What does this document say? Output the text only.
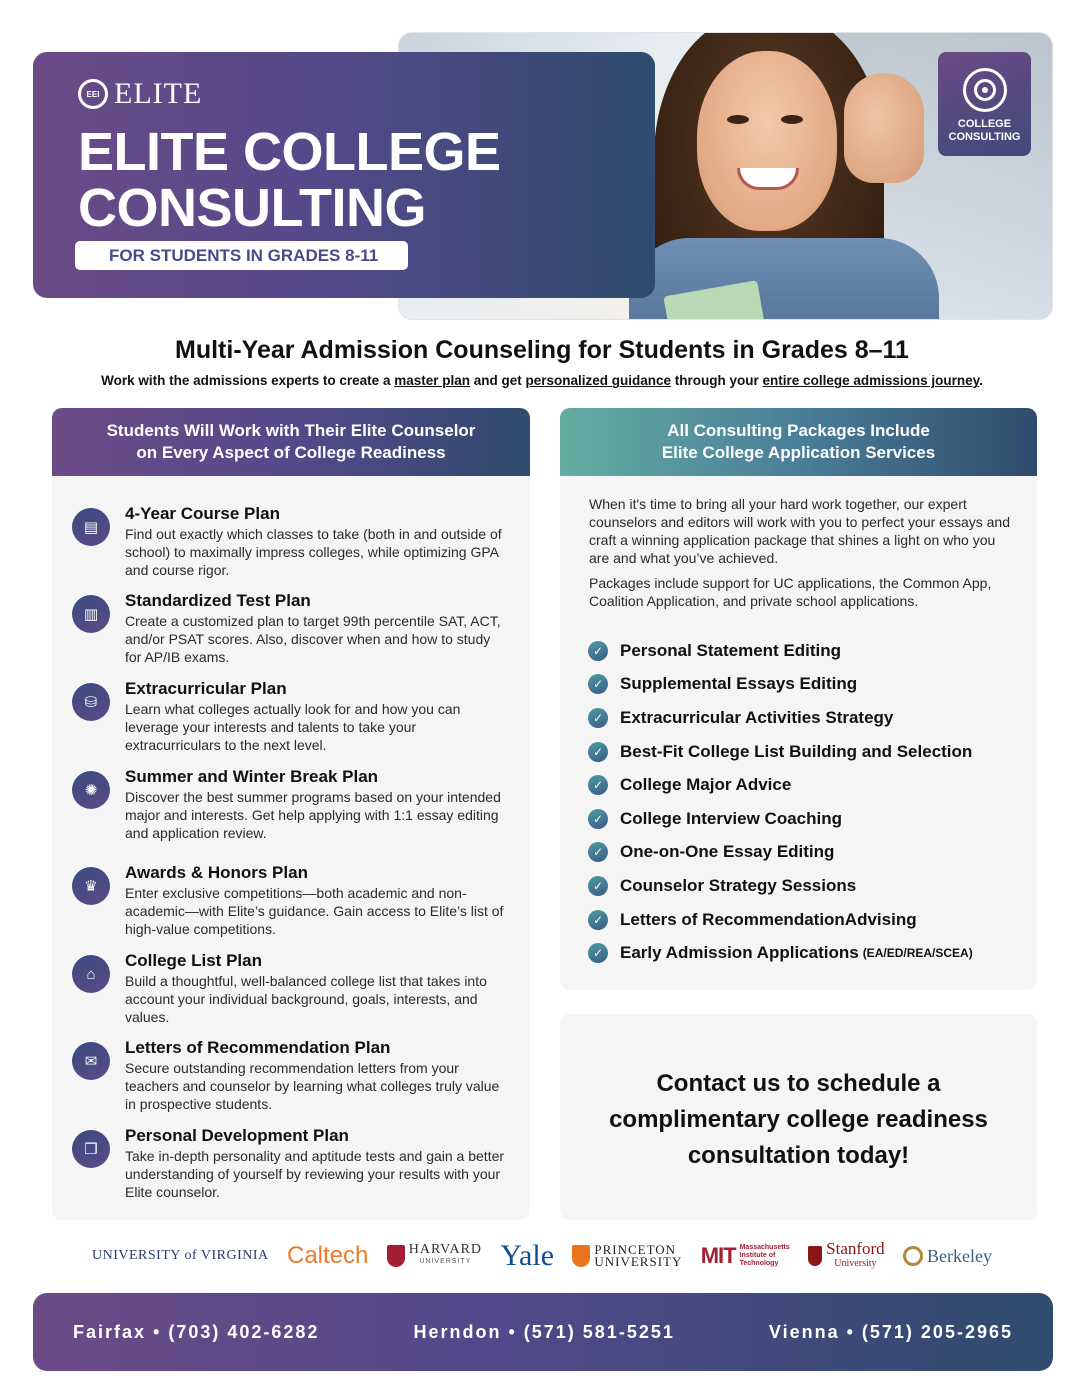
EEI ELITE
ELITE COLLEGE
CONSULTING
FOR STUDENTS IN GRADES 8-11
COLLEGE
CONSULTING
Multi-Year Admission Counseling for Students in Grades 8–11
Work with the admissions experts to create a master plan and get personalized guidance through your entire college admissions journey.
Students Will Work with Their Elite Counselor
on Every Aspect of College Readiness
▤
4-Year Course Plan
Find out exactly which classes to take (both in and outside of school) to maximally impress colleges, while optimizing GPA and course rigor.
▥
Standardized Test Plan
Create a customized plan to target 99th percentile SAT, ACT, and/or PSAT scores. Also, discover when and how to study for AP/IB exams.
⛁
Extracurricular Plan
Learn what colleges actually look for and how you can leverage your interests and talents to take your extracurriculars to the next level.
✺
Summer and Winter Break Plan
Discover the best summer programs based on your intended major and interests. Get help applying with 1:1 essay editing and application review.
♛
Awards & Honors Plan
Enter exclusive competitions—both academic and non-academic—with Elite’s guidance. Gain access to Elite’s list of high-value competitions.
⌂
College List Plan
Build a thoughtful, well-balanced college list that takes into account your individual background, goals, interests, and values.
✉
Letters of Recommendation Plan
Secure outstanding recommendation letters from your teachers and counselor by learning what colleges truly value in prospective students.
❒
Personal Development Plan
Take in-depth personality and aptitude tests and gain a better understanding of yourself by reviewing your results with your Elite counselor.
All Consulting Packages Include
Elite College Application Services

When it's time to bring all your hard work together, our expert counselors and editors will work with you to perfect your essays and craft a winning application package that shines a light on who you are and what you’ve achieved.

Packages include support for UC applications, the Common App, Coalition Application, and private school applications.

✓ Personal Statement Editing
✓ Supplemental Essays Editing
✓ Extracurricular Activities Strategy
✓ Best-Fit College List Building and Selection
✓ College Major Advice
✓ College Interview Coaching
✓ One-on-One Essay Editing
✓ Counselor Strategy Sessions
✓ Letters of RecommendationAdvising
✓ Early Admission Applications (EA/ED/REA/SCEA)
Contact us to schedule a
complimentary college readiness
consultation today!
UNIVERSITY of VIRGINIA Caltech	HARVARD
UNIVERSITY Yale	PRINCETON
UNIVERSITY MIT Massachusetts
Institute of
Technology
Stanford
University	Berkeley
Fairfax • (703) 402-6282	Herndon • (571) 581-5251	Vienna • (571) 205-2965
